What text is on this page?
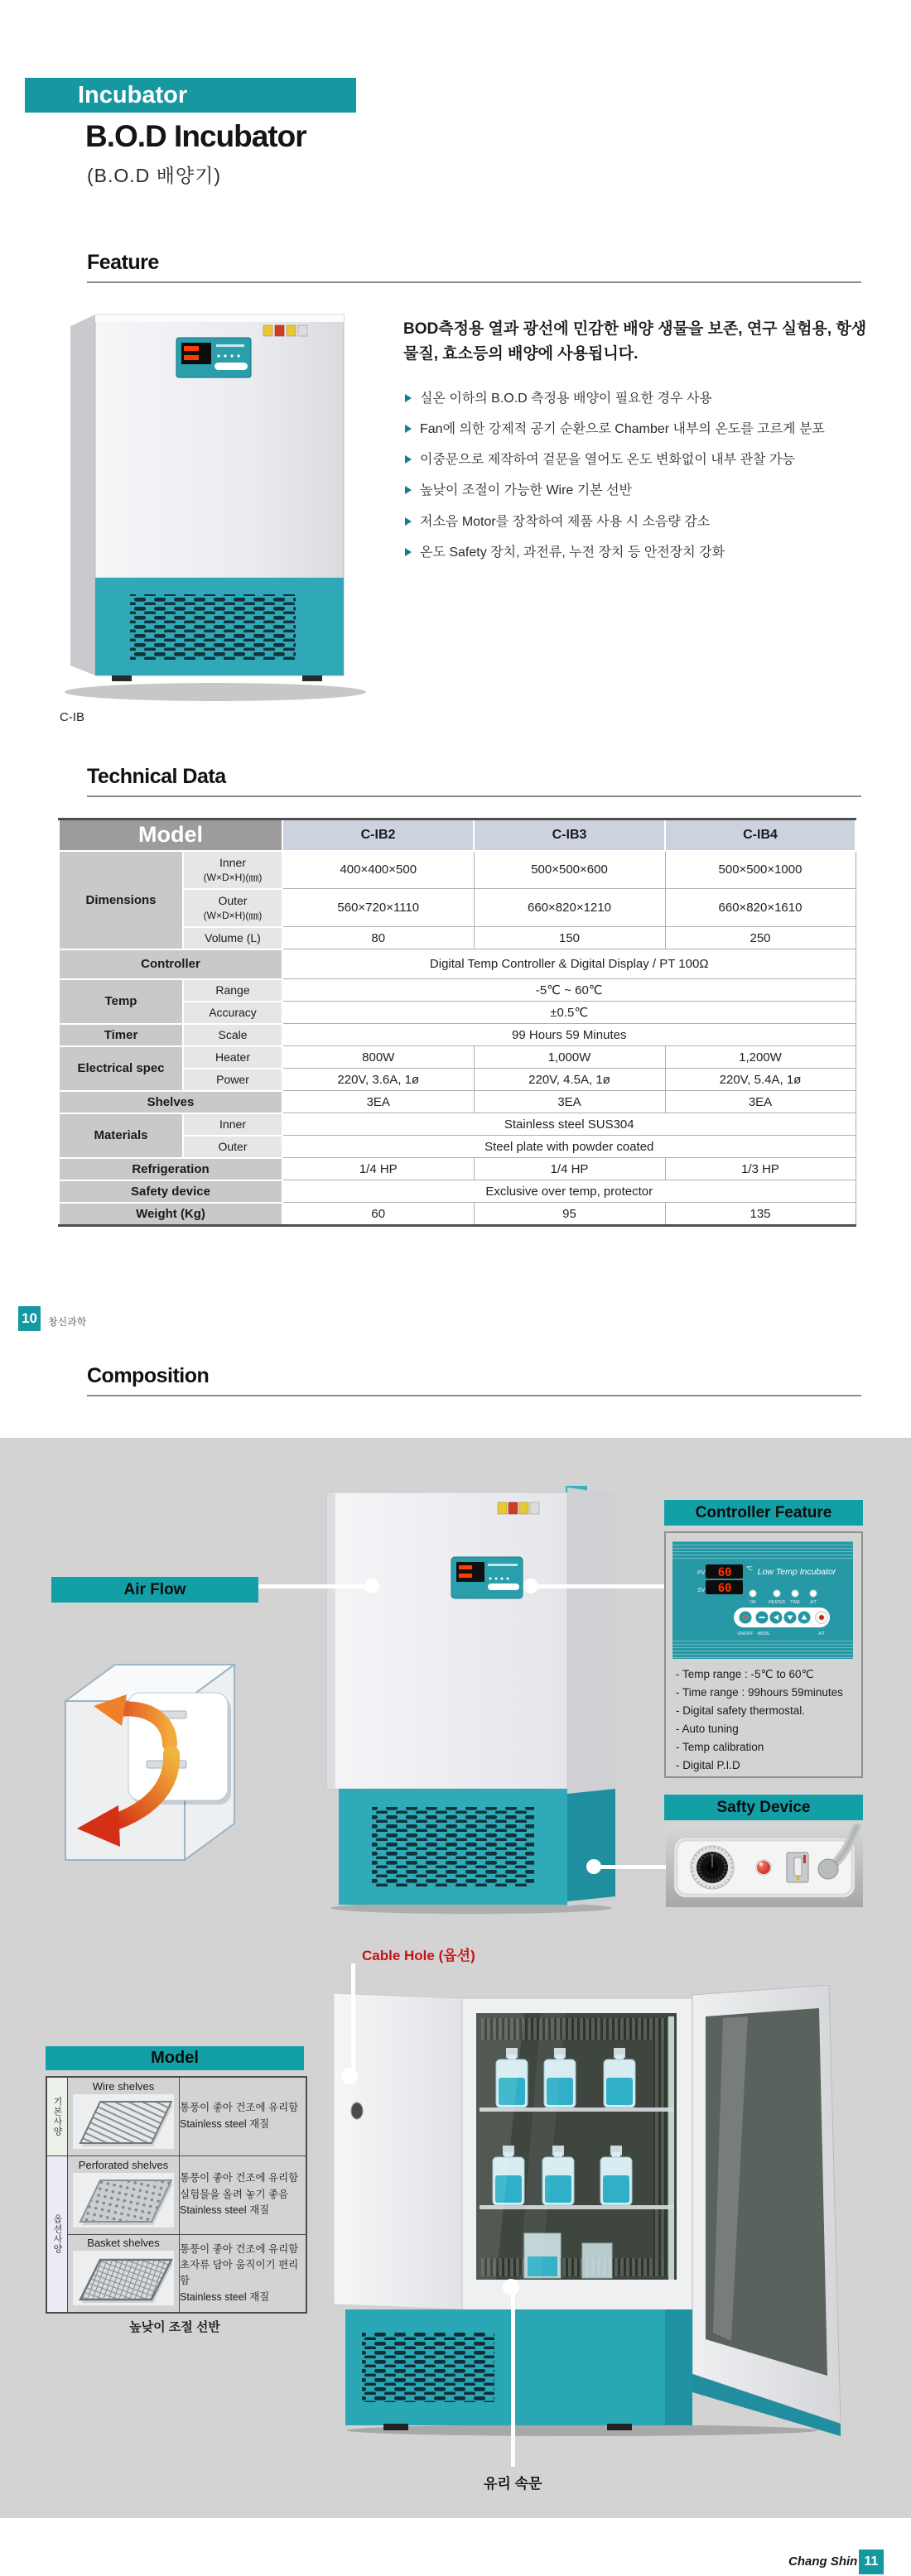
Incubator
B.O.D Incubator
(B.O.D 배양기)
Feature
C-IB
BOD측정용 열과 광선에 민감한 배양 생물을 보존, 연구 실험용, 항생물질, 효소등의 배양에 사용됩니다.
실온 이하의 B.O.D 측정용 배양이 필요한 경우 사용
Fan에 의한 강제적 공기 순환으로 Chamber 내부의 온도를 고르게 분포
이중문으로 제작하여 겉문을 열어도 온도 변화없이 내부 관찰 가능
높낮이 조절이 가능한 Wire 기본 선반
저소음 Motor를 장착하여 제품 사용 시 소음량 감소
온도 Safety 장치, 과전류, 누전 장치 등 안전장치 강화
Technical Data
Model		C-IB2	C-IB3	C-IB4
Dimensions	Inner
(W×D×H)(㎜)	400×400×500	500×500×600	500×500×1000

	Outer
(W×D×H)(㎜)	560×720×1110	660×820×1210	660×820×1610
	Volume (L)	80	150	250
Controller		Digital Temp Controller & Digital Display / PT 100Ω		
Temp	Range	-5℃ ~ 60℃		
	Accuracy	±0.5℃		
Timer	Scale	99 Hours 59 Minutes		
Electrical spec	Heater	800W	1,000W	1,200W
	Power	220V, 3.6A, 1ø	220V, 4.5A, 1ø	220V, 5.4A, 1ø
Shelves		3EA	3EA	3EA
Materials	Inner	Stainless steel SUS304		
	Outer	Steel plate with powder coated		
Refrigeration		1/4 HP	1/4 HP	1/3 HP
Safety device		Exclusive over temp, protector		
Weight (Kg)		60	95	135
10	창신과학
Composition
Air Flow
Controller Feature
PV
SV
60
60
℃ Low Temp Incubator
ON	HEATER TIME A/T
ON/OFF MODE	A/T
- Temp range : -5℃ to 60℃
- Time range : 99hours 59minutes
- Digital safety thermostal.
- Auto tuning
- Temp calibration
- Digital P.I.D
Safty Device
Cable Hole (옵션)
Model
기본사양	Wire shelves	통풍이 좋아 건조에 유리함
Stainless steel 재질

옵션사양	Perforated shelves	통풍이 좋아 건조에 유리함
실험물을 올려 놓기 좋음
Stainless steel 재질

	Basket shelves	통풍이 좋아 건조에 유리함
초자류 담아 움직이기 편리함
Stainless steel 재질
높낮이 조절 선반
유리 속문
Chang Shin 11
